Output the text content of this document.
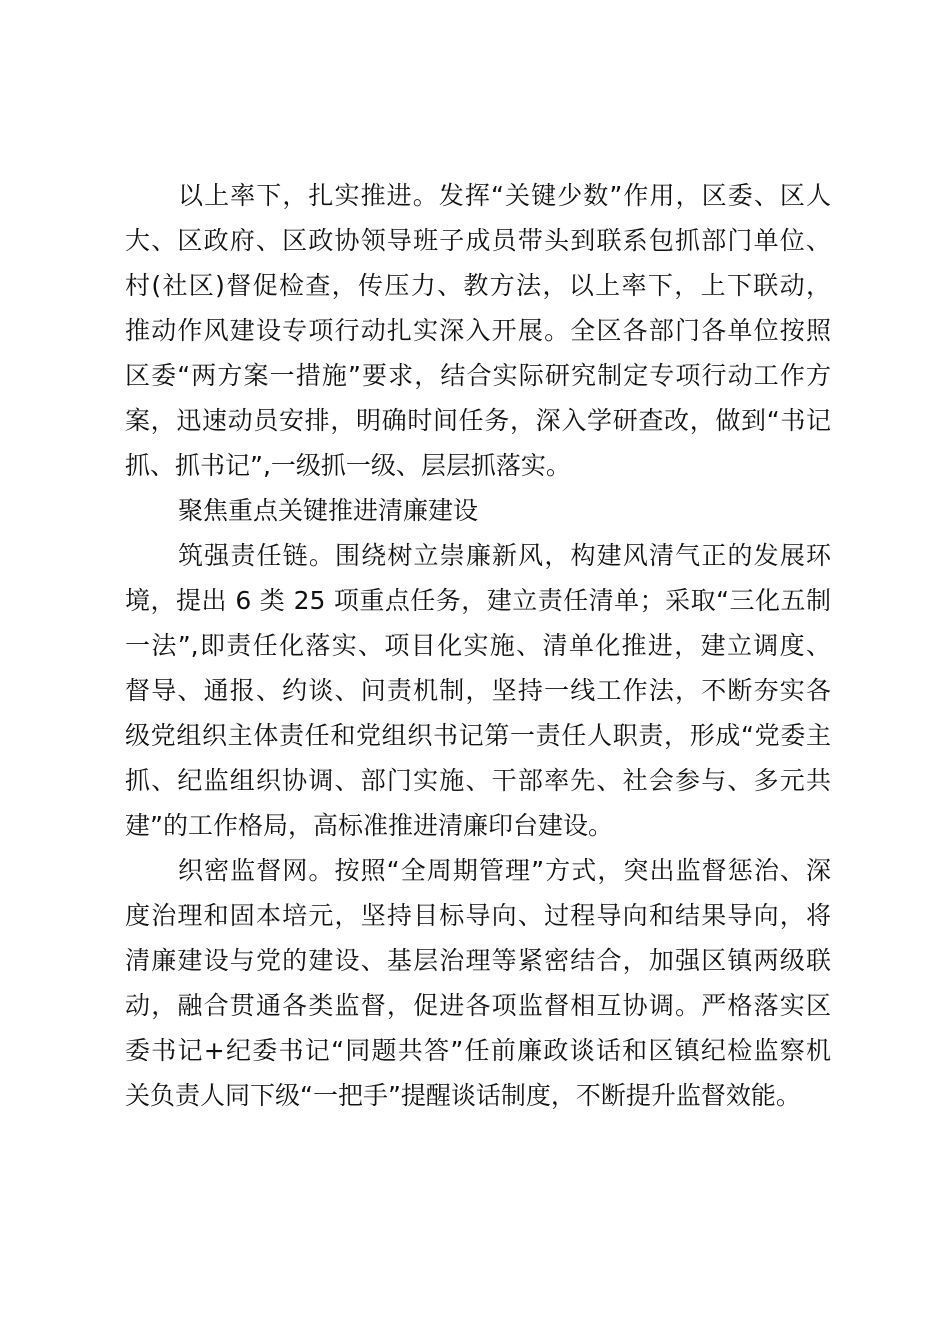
以上率下，扎实推进。发挥“关键少数”作用，区委、区人
大、区政府、区政协领导班子成员带头到联系包抓部门单位、
村(社区)督促检查，传压力、教方法，以上率下，上下联动，
推动作风建设专项行动扎实深入开展。全区各部门各单位按照
区委“两方案一措施”要求，结合实际研究制定专项行动工作方
案，迅速动员安排，明确时间任务，深入学研查改，做到“书记
抓、抓书记”,一级抓一级、层层抓落实。
聚焦重点关键推进清廉建设
筑强责任链。围绕树立崇廉新风，构建风清气正的发展环
境，提出 6 类 25 项重点任务，建立责任清单；采取“三化五制
一法”,即责任化落实、项目化实施、清单化推进，建立调度、
督导、通报、约谈、问责机制，坚持一线工作法，不断夯实各
级党组织主体责任和党组织书记第一责任人职责，形成“党委主
抓、纪监组织协调、部门实施、干部率先、社会参与、多元共
建”的工作格局，高标准推进清廉印台建设。
织密监督网。按照“全周期管理”方式，突出监督惩治、深
度治理和固本培元，坚持目标导向、过程导向和结果导向，将
清廉建设与党的建设、基层治理等紧密结合，加强区镇两级联
动，融合贯通各类监督，促进各项监督相互协调。严格落实区
委书记+纪委书记“同题共答”任前廉政谈话和区镇纪检监察机
关负责人同下级“一把手”提醒谈话制度，不断提升监督效能。
